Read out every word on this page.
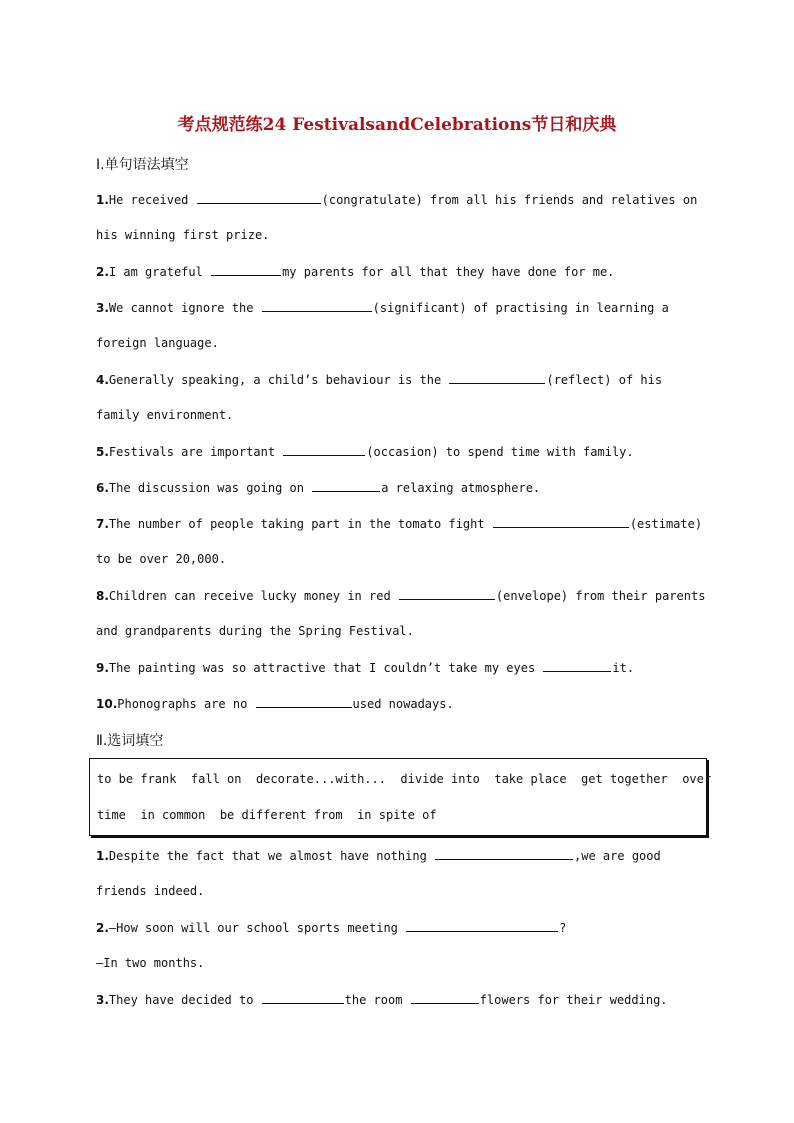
考点规范练24 FestivalsandCelebrations节日和庆典
Ⅰ.单句语法填空
1.He received	(congratulate) from all his friends and relatives on
his winning first prize.
2.I am grateful	my parents for all that they have done for me.
3.We cannot ignore the	(significant) of practising in learning a
foreign language.
4.Generally speaking, a child’s behaviour is the	(reflect) of his
family environment.
5.Festivals are important	(occasion) to spend time with family.
6.The discussion was going on	a relaxing atmosphere.
7.The number of people taking part in the tomato fight	(estimate)
to be over 20,000.
8.Children can receive lucky money in red	(envelope) from their parents
and grandparents during the Spring Festival.
9.The painting was so attractive that I couldn’t take my eyes	it.
10.Phonographs are no	used nowadays.
Ⅱ.选词填空
to be frank  fall on  decorate...with...  divide into  take place  get together  over
time  in common  be different from  in spite of
1.Despite the fact that we almost have nothing	,we are good
friends indeed.
2.—How soon will our school sports meeting	?
—In two months.
3.They have decided to	the room	flowers for their wedding.
